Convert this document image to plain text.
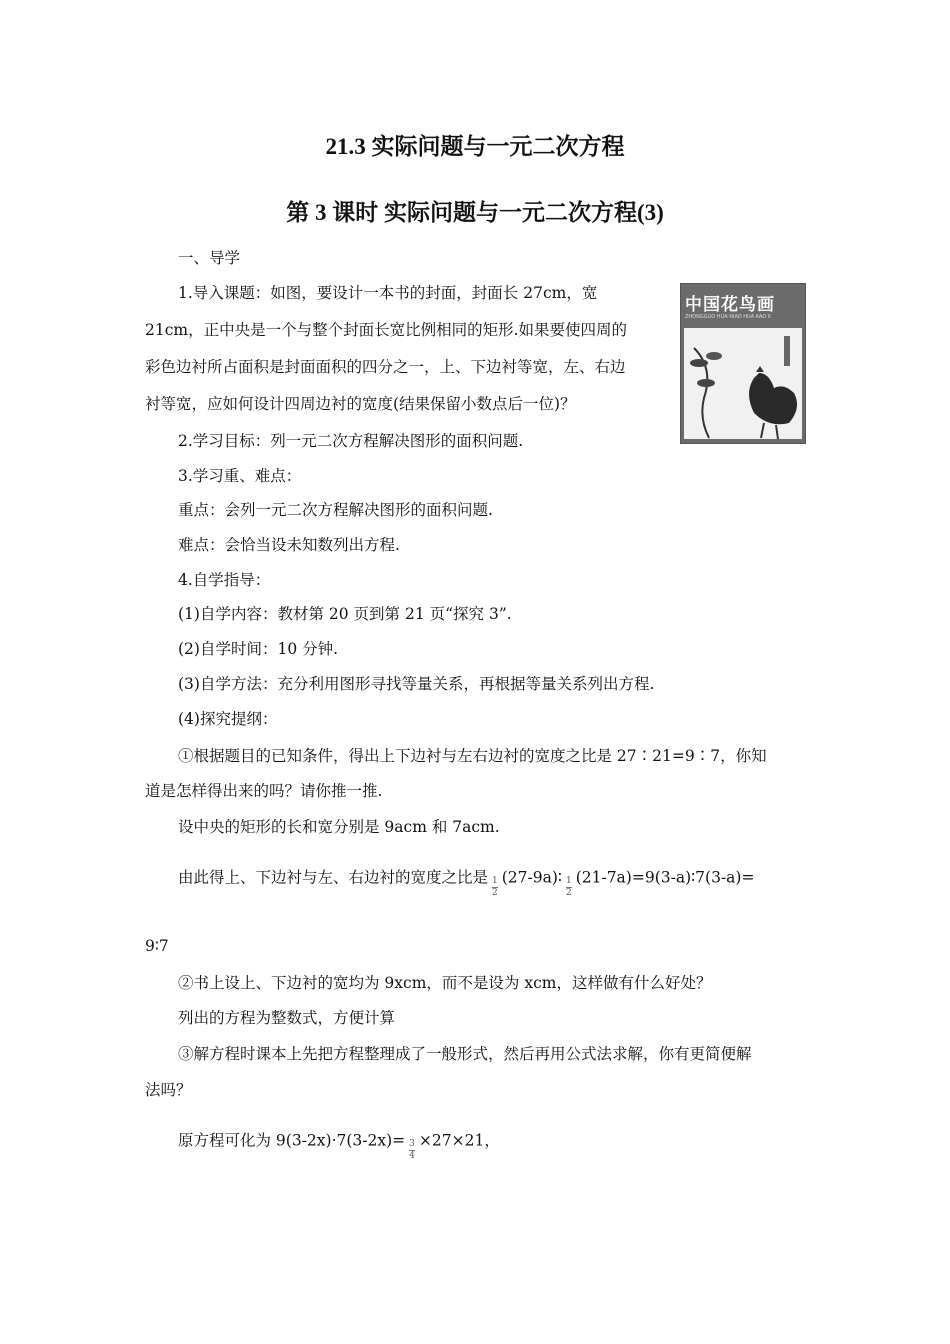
21.3 实际问题与一元二次方程
第 3 课时 实际问题与一元二次方程(3)
一、导学
1.导入课题：如图，要设计一本书的封面，封面长 27cm，宽
21cm，正中央是一个与整个封面长宽比例相同的矩形.如果要使四周的
彩色边衬所占面积是封面面积的四分之一，上、下边衬等宽，左、右边
衬等宽，应如何设计四周边衬的宽度(结果保留小数点后一位)？
中国花鸟画
ZHONGGUO HUA NIAO HUA KAO II
2.学习目标：列一元二次方程解决图形的面积问题.
3.学习重、难点：
重点：会列一元二次方程解决图形的面积问题.
难点：会恰当设未知数列出方程.
4.自学指导：
(1)自学内容：教材第 20 页到第 21 页“探究 3”.
(2)自学时间：10 分钟.
(3)自学方法：充分利用图形寻找等量关系，再根据等量关系列出方程.
(4)探究提纲：
①根据题目的已知条件，得出上下边衬与左右边衬的宽度之比是 27∶21=9∶7，你知
道是怎样得出来的吗？请你推一推.
设中央的矩形的长和宽分别是 9acm 和 7acm.
由此得上、下边衬与左、右边衬的宽度之比是 $\frac{1}{2}$ (27-9a)∶ $\frac{1}{2}$ (21-7a)=9(3-a)∶7(3-a)=
9∶7
②书上设上、下边衬的宽均为 9xcm，而不是设为 xcm，这样做有什么好处？
列出的方程为整数式，方便计算
③解方程时课本上先把方程整理成了一般形式，然后再用公式法求解，你有更简便解
法吗？
原方程可化为 $9(3-2x)\cdot 7(3-2x)= \frac{3}{4} \times 27\times 21$，
